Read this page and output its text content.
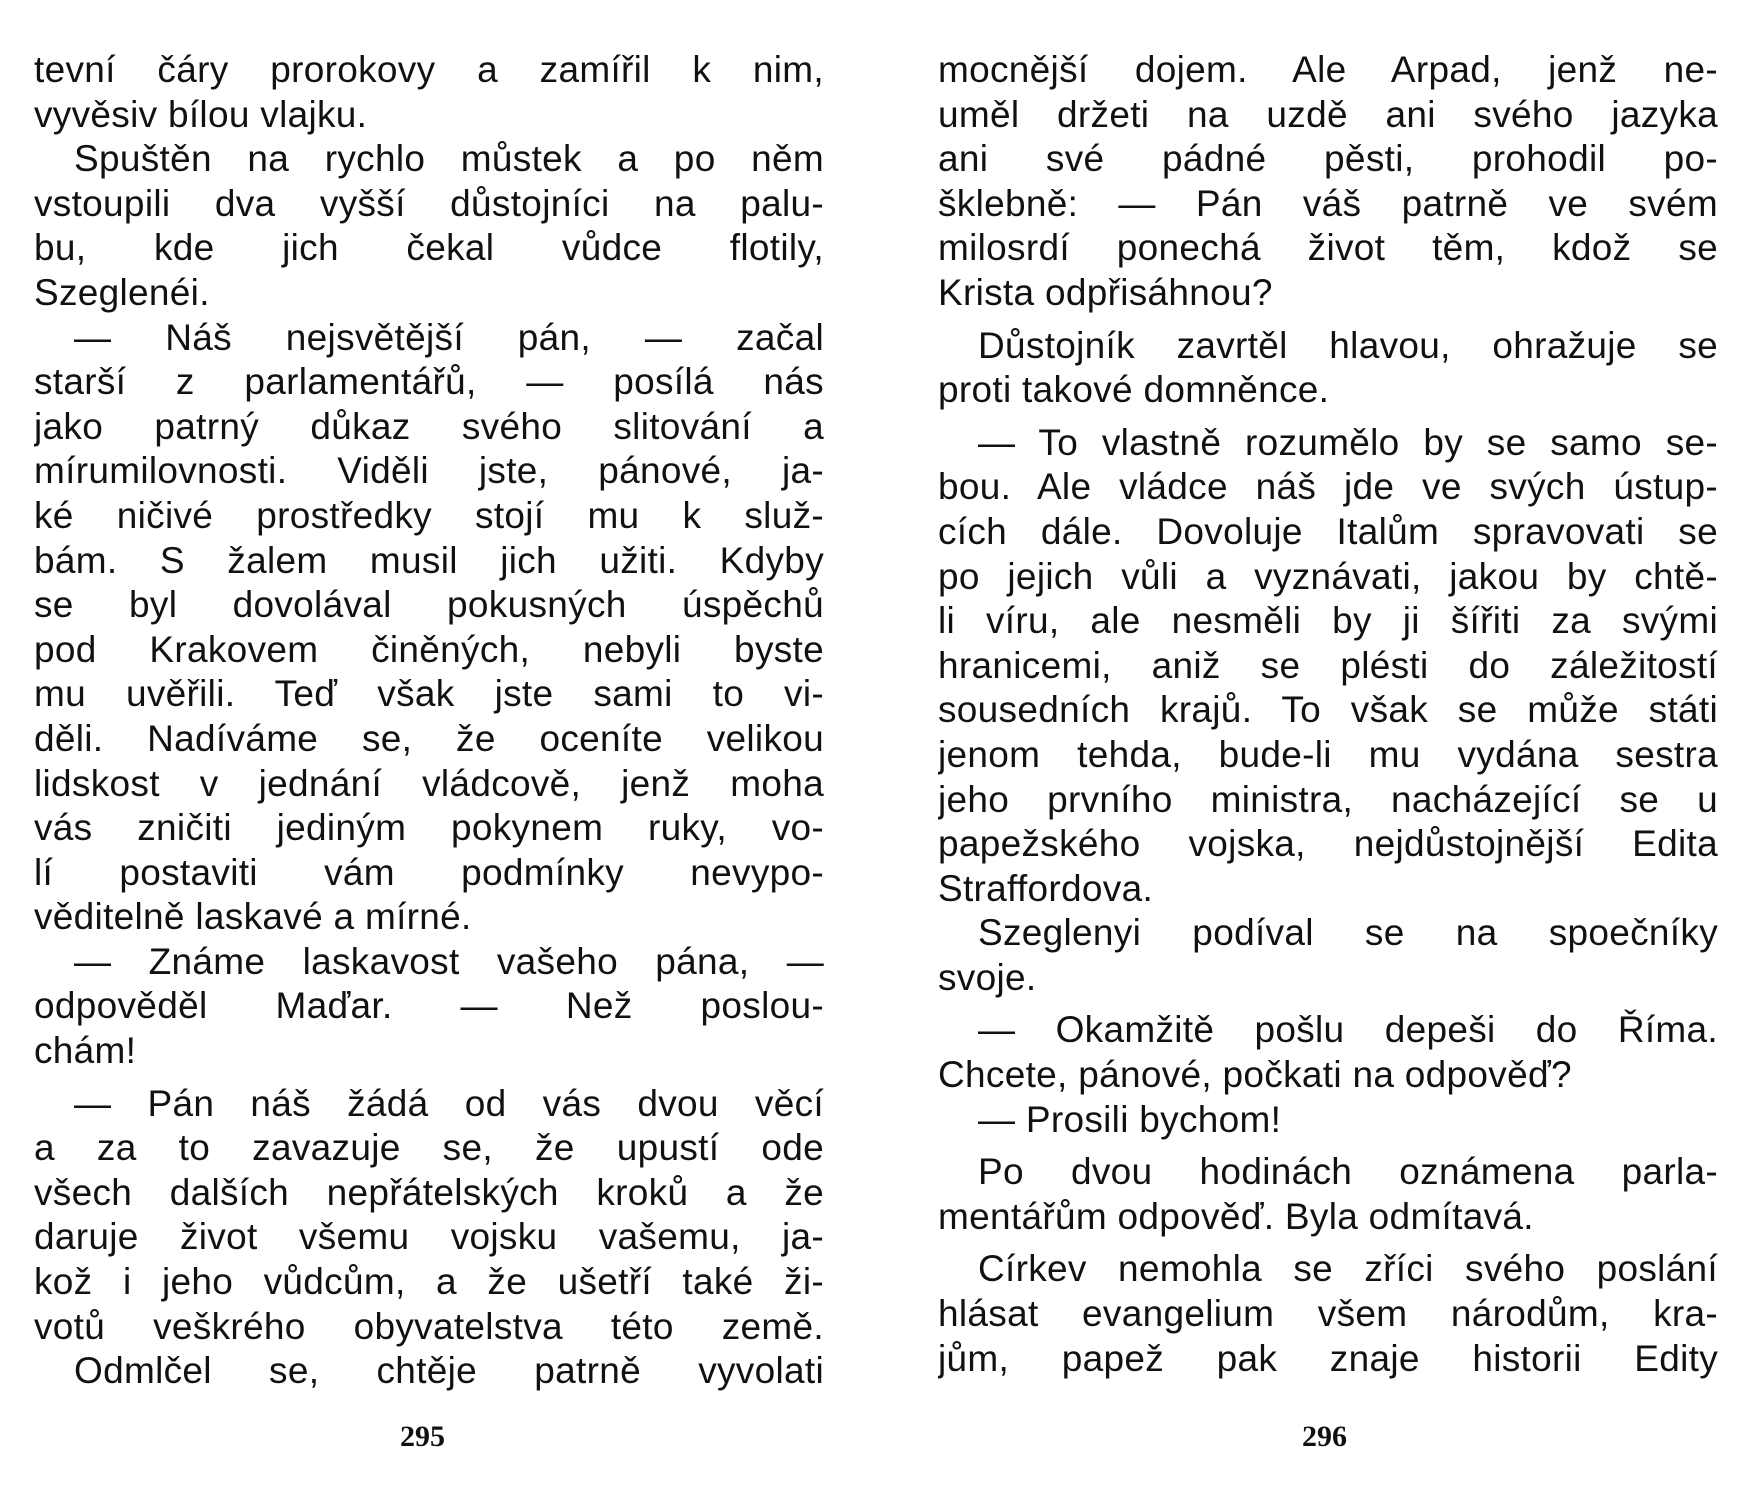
tevní čáry prorokovy a zamířil k nim,
vyvěsiv bílou vlajku.
Spuštěn na rychlo můstek a po něm
vstoupili dva vyšší důstojníci na palu-
bu, kde jich čekal vůdce flotily,
Szeglenéi.
— Náš nejsvětější pán, — začal
starší z parlamentářů, — posílá nás
jako patrný důkaz svého slitování a
mírumilovnosti. Viděli jste, pánové, ja-
ké ničivé prostředky stojí mu k služ-
bám. S žalem musil jich užiti. Kdyby
se byl dovolával pokusných úspěchů
pod Krakovem činěných, nebyli byste
mu uvěřili. Teď však jste sami to vi-
děli. Nadíváme se, že oceníte velikou
lidskost v jednání vládcově, jenž moha
vás zničiti jediným pokynem ruky, vo-
lí postaviti vám podmínky nevypo-
věditelně laskavé a mírné.
— Známe laskavost vašeho pána, —
odpověděl Maďar. — Než poslou-
chám!
— Pán náš žádá od vás dvou věcí
a za to zavazuje se, že upustí ode
všech dalších nepřátelských kroků a že
daruje život všemu vojsku vašemu, ja-
kož i jeho vůdcům, a že ušetří také ži-
votů veškrého obyvatelstva této země.
Odmlčel se, chtěje patrně vyvolati
295
mocnější dojem. Ale Arpad, jenž ne-
uměl držeti na uzdě ani svého jazyka
ani své pádné pěsti, prohodil po-
šklebně: — Pán váš patrně ve svém
milosrdí ponechá život těm, kdož se
Krista odpřisáhnou?
Důstojník zavrtěl hlavou, ohražuje se
proti takové domněnce.
— To vlastně rozumělo by se samo se-
bou. Ale vládce náš jde ve svých ústup-
cích dále. Dovoluje Italům spravovati se
po jejich vůli a vyznávati, jakou by chtě-
li víru, ale nesměli by ji šířiti za svými
hranicemi, aniž se plésti do záležitostí
sousedních krajů. To však se může státi
jenom tehda, bude-li mu vydána sestra
jeho prvního ministra, nacházející se u
papežského vojska, nejdůstojnější Edita
Straffordova.
Szeglenyi podíval se na spoečníky
svoje.
— Okamžitě pošlu depeši do Říma.
Chcete, pánové, počkati na odpověď?
— Prosili bychom!
Po dvou hodinách oznámena parla-
mentářům odpověď. Byla odmítavá.
Církev nemohla se zříci svého poslání
hlásat evangelium všem národům, kra-
jům, papež pak znaje historii Edity
296
